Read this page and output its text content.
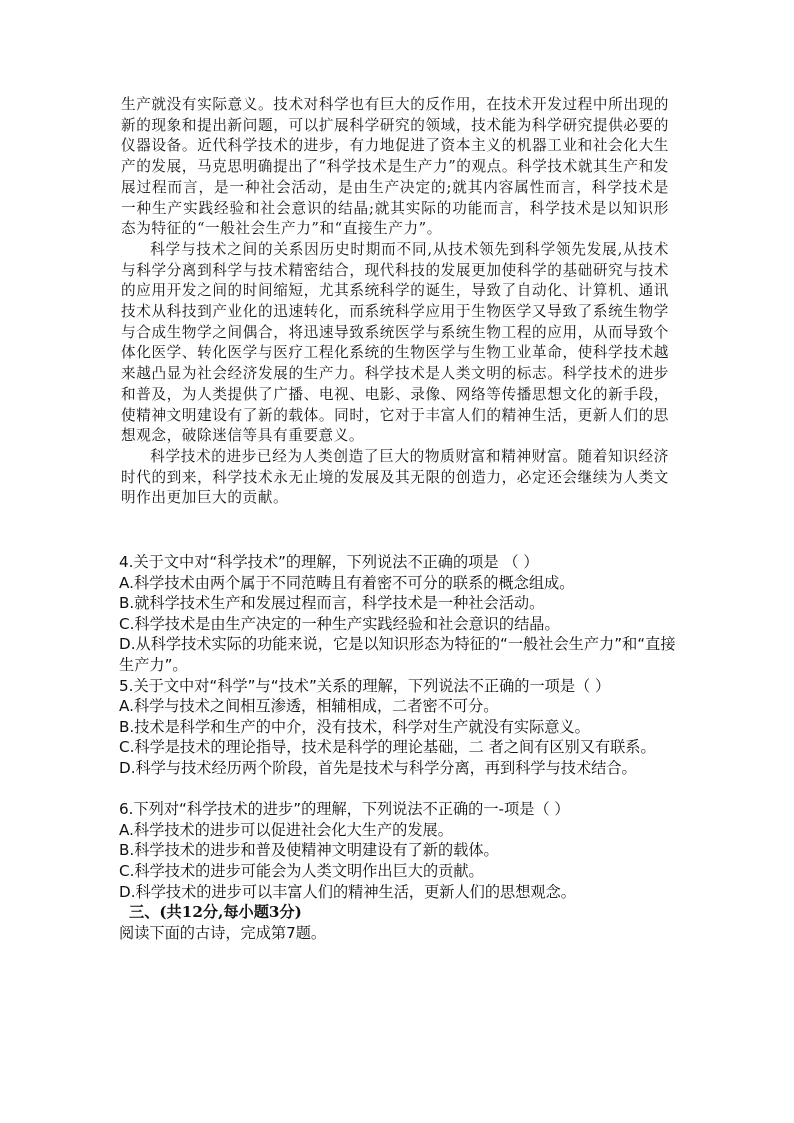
生产就没有实际意义。技术对科学也有巨大的反作用，在技术开发过程中所出现的新的现象和提出新问题，可以扩展科学研究的领域，技术能为科学研究提供必要的仪器设备。近代科学技术的进步，有力地促进了资本主义的机器工业和社会化大生产的发展，马克思明确提出了“科学技术是生产力”的观点。科学技术就其生产和发展过程而言，是一种社会活动，是由生产决定的;就其内容属性而言，科学技术是一种生产实践经验和社会意识的结晶;就其实际的功能而言，科学技术是以知识形态为特征的“一般社会生产力”和“直接生产力”。

科学与技术之间的关系因历史时期而不同,从技术领先到科学领先发展,从技术与科学分离到科学与技术精密结合，现代科技的发展更加使科学的基础研究与技术的应用开发之间的时间缩短，尤其系统科学的诞生，导致了自动化、计算机、通讯技术从科技到产业化的迅速转化，而系统科学应用于生物医学又导致了系统生物学与合成生物学之间偶合，将迅速导致系统医学与系统生物工程的应用，从而导致个体化医学、转化医学与医疗工程化系统的生物医学与生物工业革命，使科学技术越来越凸显为社会经济发展的生产力。科学技术是人类文明的标志。科学技术的进步和普及，为人类提供了广播、电视、电影、录像、网络等传播思想文化的新手段，使精神文明建设有了新的载体。同时，它对于丰富人们的精神生活，更新人们的思想观念，破除迷信等具有重要意义。

科学技术的进步已经为人类创造了巨大的物质财富和精神财富。随着知识经济时代的到来，科学技术永无止境的发展及其无限的创造力，必定还会继续为人类文明作出更加巨大的贡献。

4.关于文中对“科学技术”的理解，下列说法不正确的项是 （ ）

A.科学技术由两个属于不同范畴且有着密不可分的联系的概念组成。

B.就科学技术生产和发展过程而言，科学技术是一种社会活动。

C.科学技术是由生产决定的一种生产实践经验和社会意识的结晶。

D.从科学技术实际的功能来说，它是以知识形态为特征的“一般社会生产力”和“直接生产力”。

5.关于文中对“科学”与“技术”关系的理解，下列说法不正确的一项是（ ）

A.科学与技术之间相互渗透，相辅相成，二者密不可分。

B.技术是科学和生产的中介，没有技术，科学对生产就没有实际意义。

C.科学是技术的理论指导，技术是科学的理论基础，二 者之间有区别又有联系。

D.科学与技术经历两个阶段，首先是技术与科学分离，再到科学与技术结合。

6.下列对“科学技术的进步”的理解，下列说法不正确的一-项是（ ）

A.科学技术的进步可以促进社会化大生产的发展。

B.科学技术的进步和普及使精神文明建设有了新的载体。

C.科学技术的进步可能会为人类文明作出巨大的贡献。

D.科学技术的进步可以丰富人们的精神生活，更新人们的思想观念。

三、(共12分,每小题3分)

阅读下面的古诗，完成第7题。
